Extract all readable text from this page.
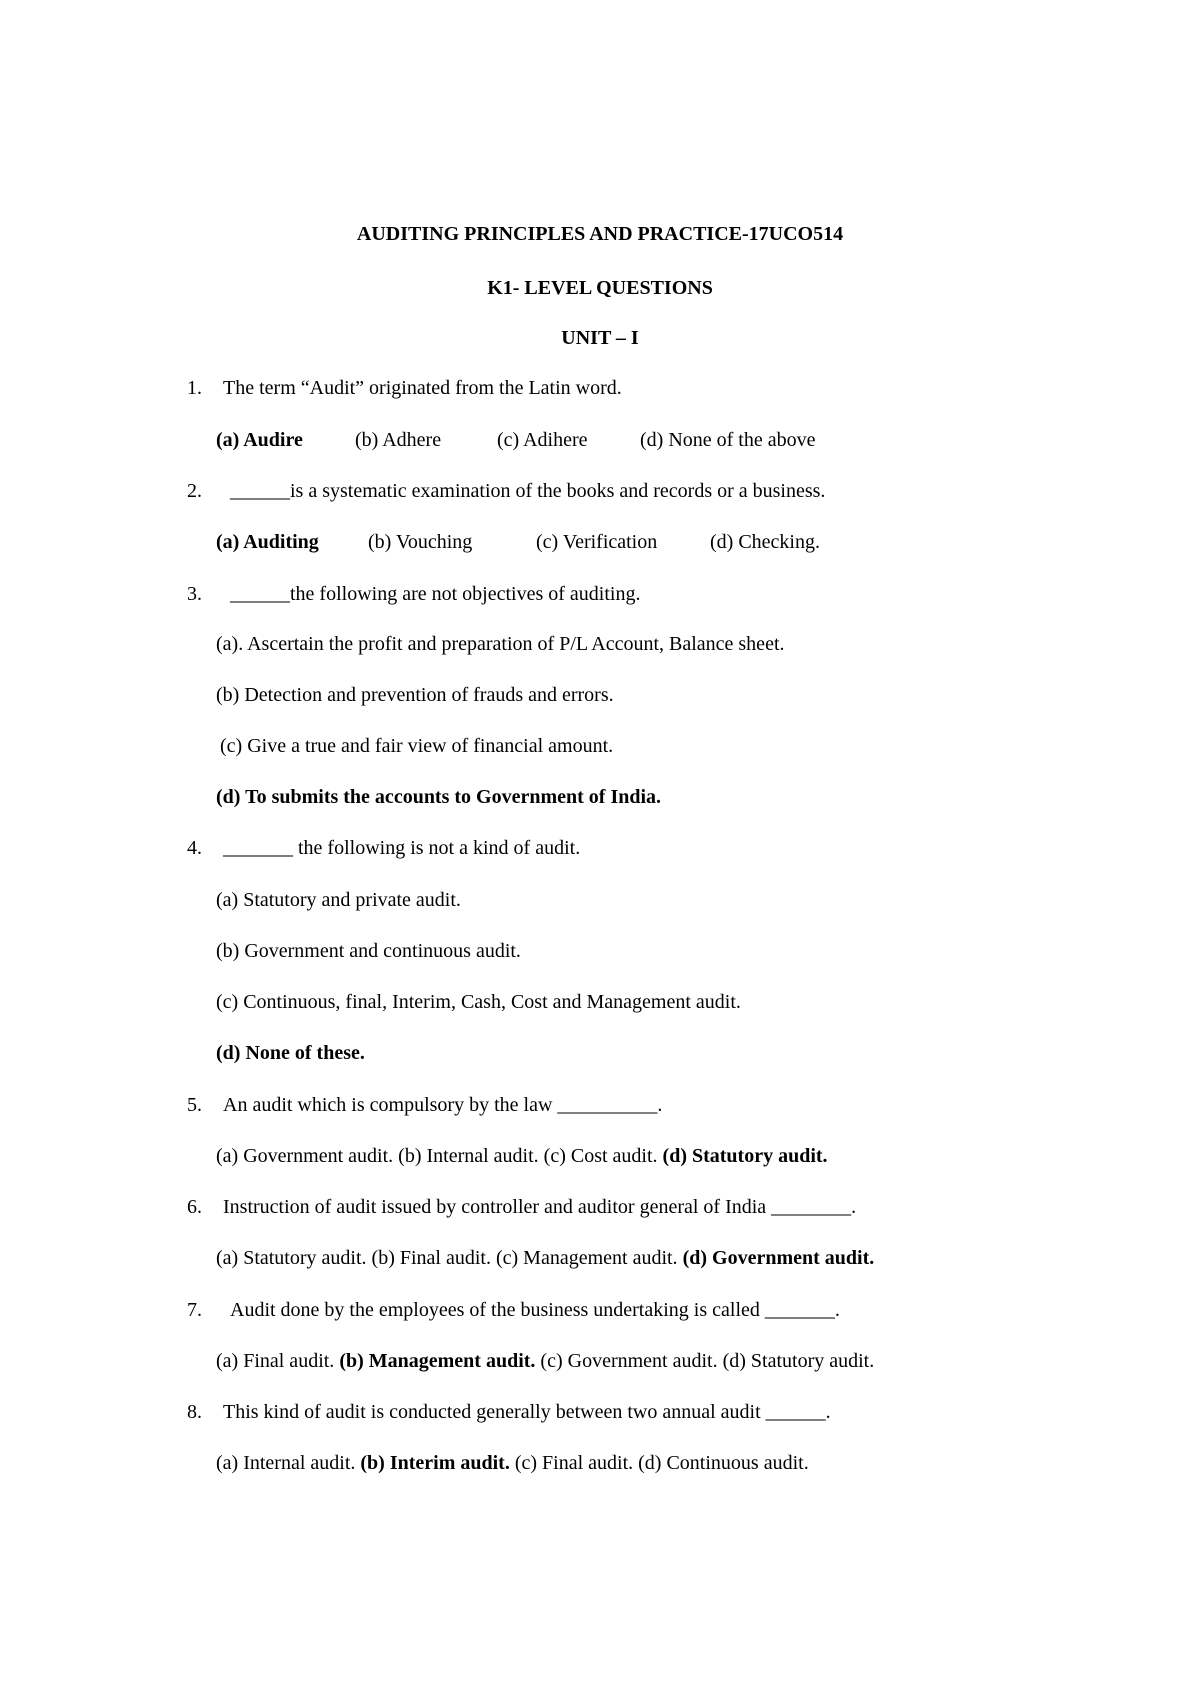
AUDITING PRINCIPLES AND PRACTICE-17UCO514
K1- LEVEL QUESTIONS
UNIT – I
1. The term “Audit” originated from the Latin word.
(a) Audire	(b) Adhere	(c) Adihere	(d) None of the above
2. ______is a systematic examination of the books and records or a business.
(a) Auditing (b) Vouching	(c) Verification	(d) Checking.
3. ______the following are not objectives of auditing.
(a). Ascertain the profit and preparation of P/L Account, Balance sheet.
(b) Detection and prevention of frauds and errors.
(c) Give a true and fair view of financial amount.
(d) To submits the accounts to Government of India.
4. _______ the following is not a kind of audit.
(a) Statutory and private audit.
(b) Government and continuous audit.
(c) Continuous, final, Interim, Cash, Cost and Management audit.
(d) None of these.
5. An audit which is compulsory by the law __________.
(a) Government audit. (b) Internal audit. (c) Cost audit. (d) Statutory audit.
6. Instruction of audit issued by controller and auditor general of India ________.
(a) Statutory audit. (b) Final audit. (c) Management audit. (d) Government audit.
7. Audit done by the employees of the business undertaking is called _______.
(a) Final audit. (b) Management audit. (c) Government audit. (d) Statutory audit.
8. This kind of audit is conducted generally between two annual audit ______.
(a) Internal audit. (b) Interim audit. (c) Final audit. (d) Continuous audit.
